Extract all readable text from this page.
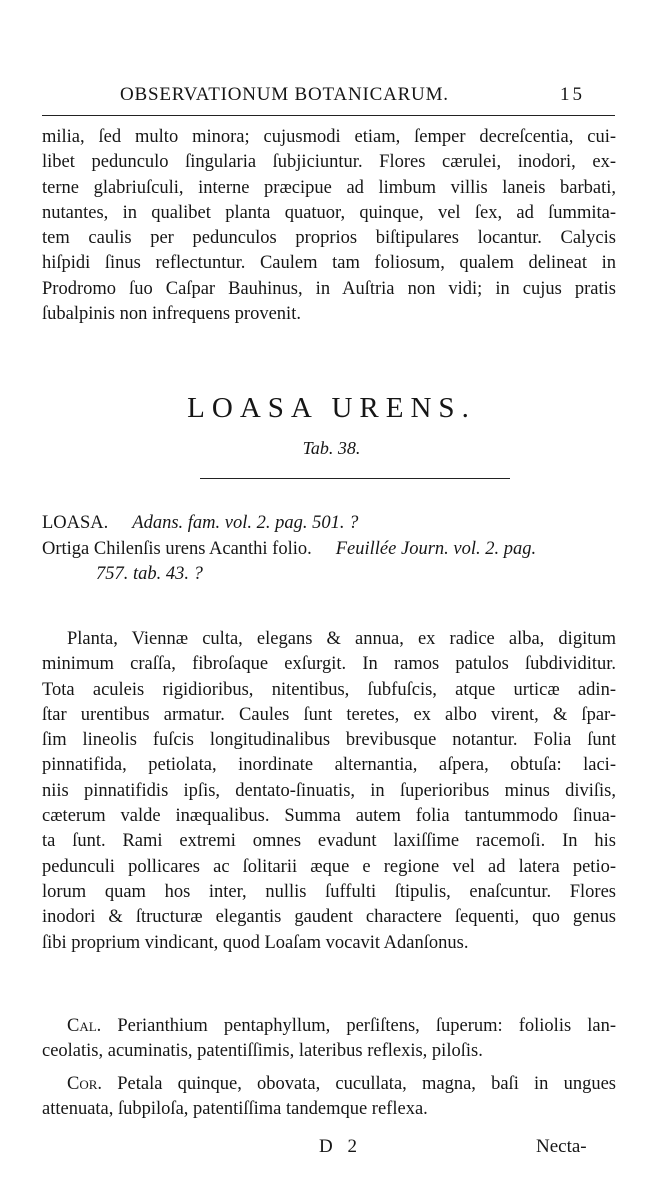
OBSERVATIONUM BOTANICARUM.	15
milia, ſed multo minora; cujusmodi etiam, ſemper decreſcentia, cui-
libet pedunculo ſingularia ſubjiciuntur. Flores cærulei, inodori, ex-
terne glabriuſculi, interne præcipue ad limbum villis laneis barbati,
nutantes, in qualibet planta quatuor, quinque, vel ſex, ad ſummita-
tem caulis per pedunculos proprios biſtipulares locantur. Calycis
hiſpidi ſinus reflectuntur. Caulem tam foliosum, qualem delineat in
Prodromo ſuo Caſpar Bauhinus, in Auſtria non vidi; in cujus pratis
ſubalpinis non infrequens provenit.
LOASA URENS.
Tab. 38.
LOASA. Adans. fam. vol. 2. pag. 501. ?
Ortiga Chilenſis urens Acanthi folio. Feuillée Journ. vol. 2. pag.
757. tab. 43. ?
Planta, Viennæ culta, elegans & annua, ex radice alba, digitum
minimum craſſa, fibroſaque exſurgit. In ramos patulos ſubdividitur.
Tota aculeis rigidioribus, nitentibus, ſubfuſcis, atque urticæ adin-
ſtar urentibus armatur. Caules ſunt teretes, ex albo virent, & ſpar-
ſim lineolis fuſcis longitudinalibus brevibusque notantur. Folia ſunt
pinnatifida, petiolata, inordinate alternantia, aſpera, obtuſa: laci-
niis pinnatifidis ipſis, dentato-ſinuatis, in ſuperioribus minus diviſis,
cæterum valde inæqualibus. Summa autem folia tantummodo ſinua-
ta ſunt. Rami extremi omnes evadunt laxiſſime racemoſi. In his
pedunculi pollicares ac ſolitarii æque e regione vel ad latera petio-
lorum quam hos inter, nullis ſuffulti ſtipulis, enaſcuntur. Flores
inodori & ſtructuræ elegantis gaudent charactere ſequenti, quo genus
ſibi proprium vindicant, quod Loaſam vocavit Adanſonus.
Cal. Perianthium pentaphyllum, perſiſtens, ſuperum: foliolis lan-
ceolatis, acuminatis, patentiſſimis, lateribus reflexis, piloſis.
Cor. Petala quinque, obovata, cucullata, magna, baſi in ungues
attenuata, ſubpiloſa, patentiſſima tandemque reflexa.
D 2	Necta-
